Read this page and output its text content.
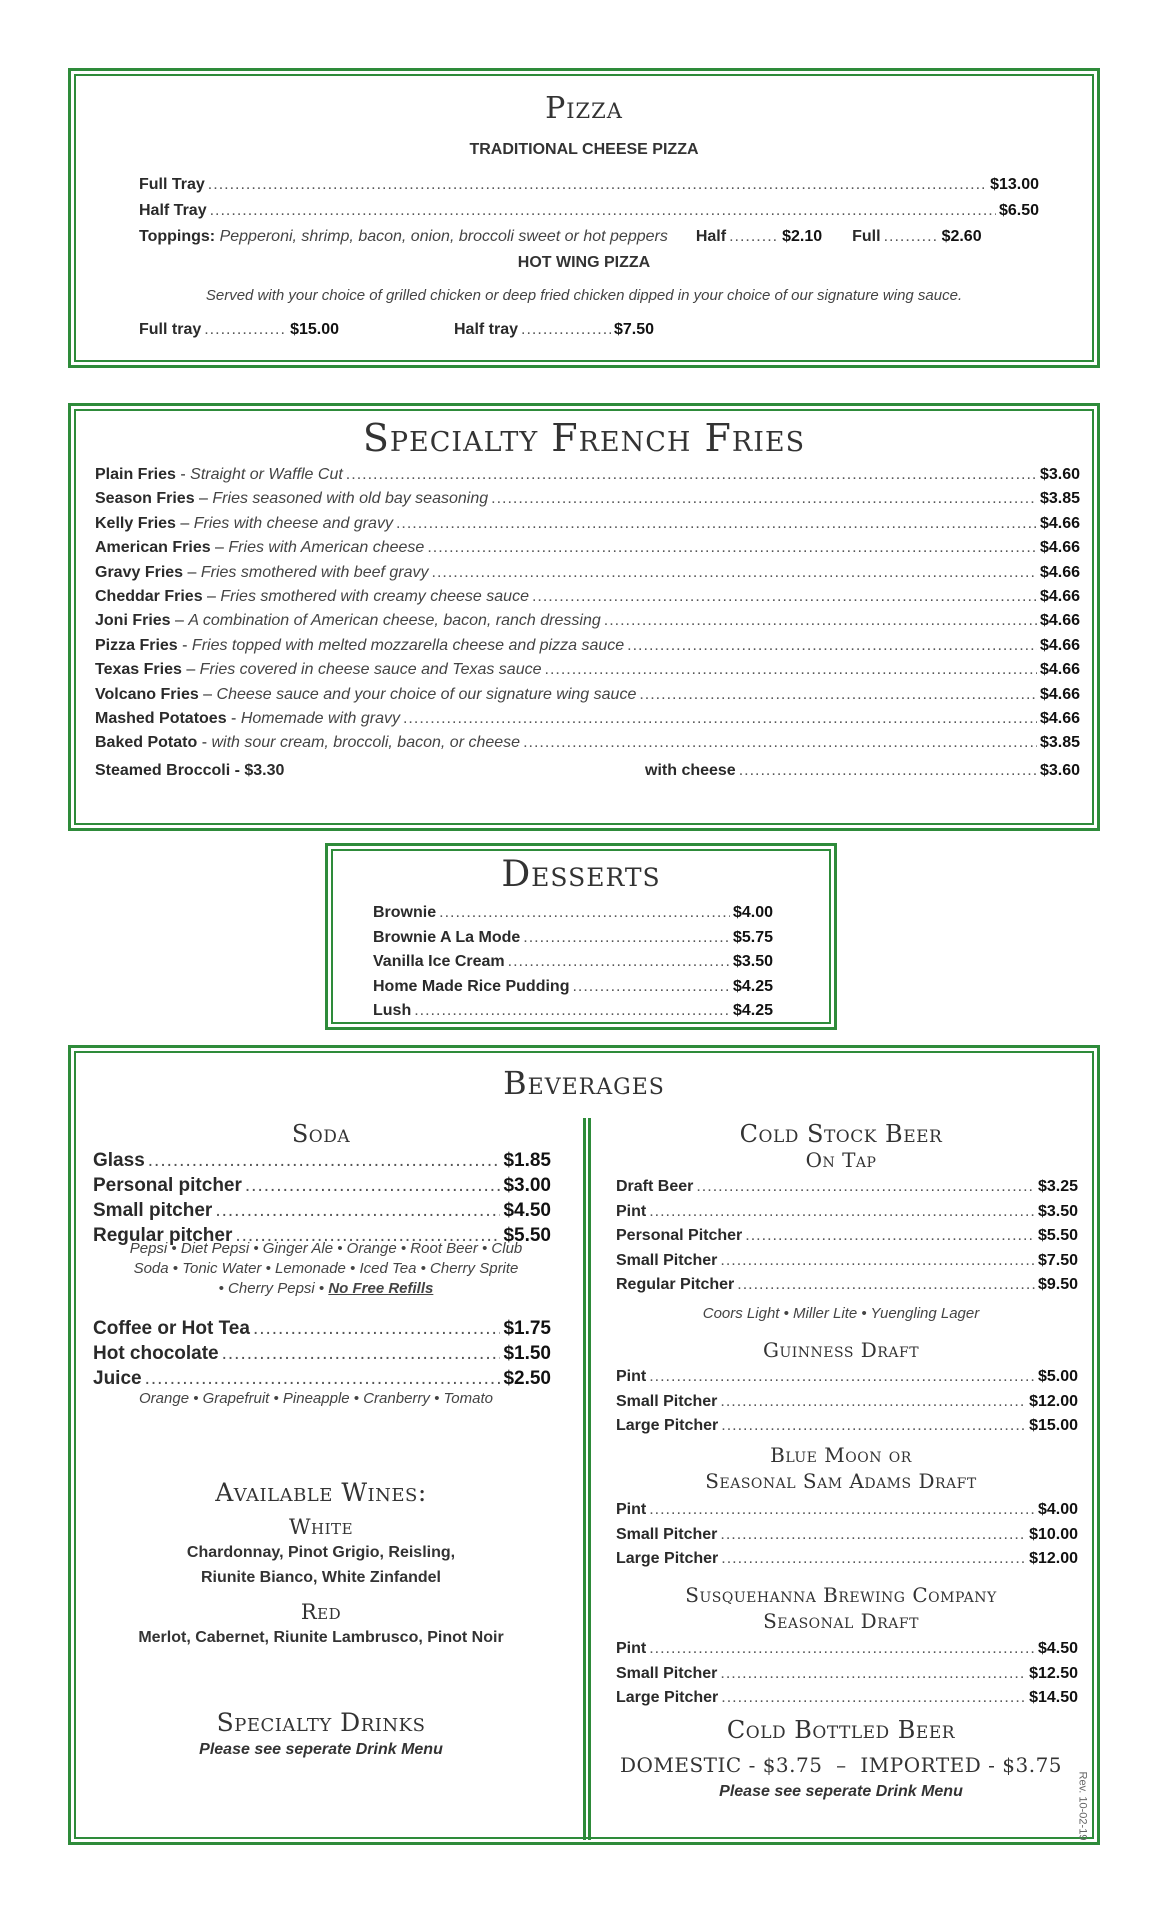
Pizza
TRADITIONAL CHEESE PIZZA
Full Tray .....	$13.00
Half Tray .....	$6.50
Toppings:
Pepperoni, shrimp, bacon, onion, broccoli sweet or hot peppers Half .....	$2.10 Full .....	$2.60
HOT WING PIZZA
Served with your choice of grilled chicken or deep fried chicken dipped in your choice of our signature wing sauce.
Full tray .....	$15.00	Half tray .....	$7.50
Specialty French Fries
Plain Fries - Straight or Waffle Cut .....	$3.60
Season Fries – Fries seasoned with old bay seasoning .....	$3.85
Kelly Fries – Fries with cheese and gravy .....	$4.66
American Fries – Fries with American cheese .....	$4.66
Gravy Fries – Fries smothered with beef gravy .....	$4.66
Cheddar Fries – Fries smothered with creamy cheese sauce .....	$4.66
Joni Fries – A combination of American cheese, bacon, ranch dressing .....	$4.66
Pizza Fries - Fries topped with melted mozzarella cheese and pizza sauce .....	$4.66
Texas Fries – Fries covered in cheese sauce and Texas sauce .....	$4.66
Volcano Fries – Cheese sauce and your choice of our signature wing sauce .....	$4.66
Mashed Potatoes - Homemade with gravy .....	$4.66
Baked Potato - with sour cream, broccoli, bacon, or cheese .....	$3.85
Steamed Broccoli - $3.30	with cheese .....	$3.60
Desserts
Brownie .....	$4.00
Brownie A La Mode .....	$5.75
Vanilla Ice Cream .....	$3.50
Home Made Rice Pudding .....	$4.25
Lush .....	$4.25
Beverages
Soda
Glass .....	$1.85
Personal pitcher .....	$3.00
Small pitcher .....	$4.50
Regular pitcher .....	$5.50
Pepsi • Diet Pepsi • Ginger Ale • Orange • Root Beer • Club
Soda • Tonic Water • Lemonade • Iced Tea • Cherry Sprite
• Cherry Pepsi • No Free Refills
Coffee or Hot Tea .....	$1.75
Hot chocolate .....	$1.50
Juice .....	$2.50
Orange • Grapefruit • Pineapple • Cranberry • Tomato
Available Wines:
White
Chardonnay, Pinot Grigio, Reisling,
Riunite Bianco, White Zinfandel
Red
Merlot, Cabernet, Riunite Lambrusco, Pinot Noir
Specialty Drinks
Please see seperate Drink Menu
Cold Stock Beer
On Tap
Draft Beer .....	$3.25
Pint .....	$3.50
Personal Pitcher .....	$5.50
Small Pitcher .....	$7.50
Regular Pitcher .....	$9.50
Coors Light • Miller Lite • Yuengling Lager
Guinness Draft
Pint .....	$5.00
Small Pitcher .....	$12.00
Large Pitcher .....	$15.00
Blue Moon or
Seasonal Sam Adams Draft
Pint .....	$4.00
Small Pitcher .....	$10.00
Large Pitcher .....	$12.00
Susquehanna Brewing Company
Seasonal Draft
Pint .....	$4.50
Small Pitcher .....	$12.50
Large Pitcher .....	$14.50
Cold Bottled Beer
DOMESTIC - $3.75  –  IMPORTED - $3.75
Please see seperate Drink Menu	Rev. 10-02-19
